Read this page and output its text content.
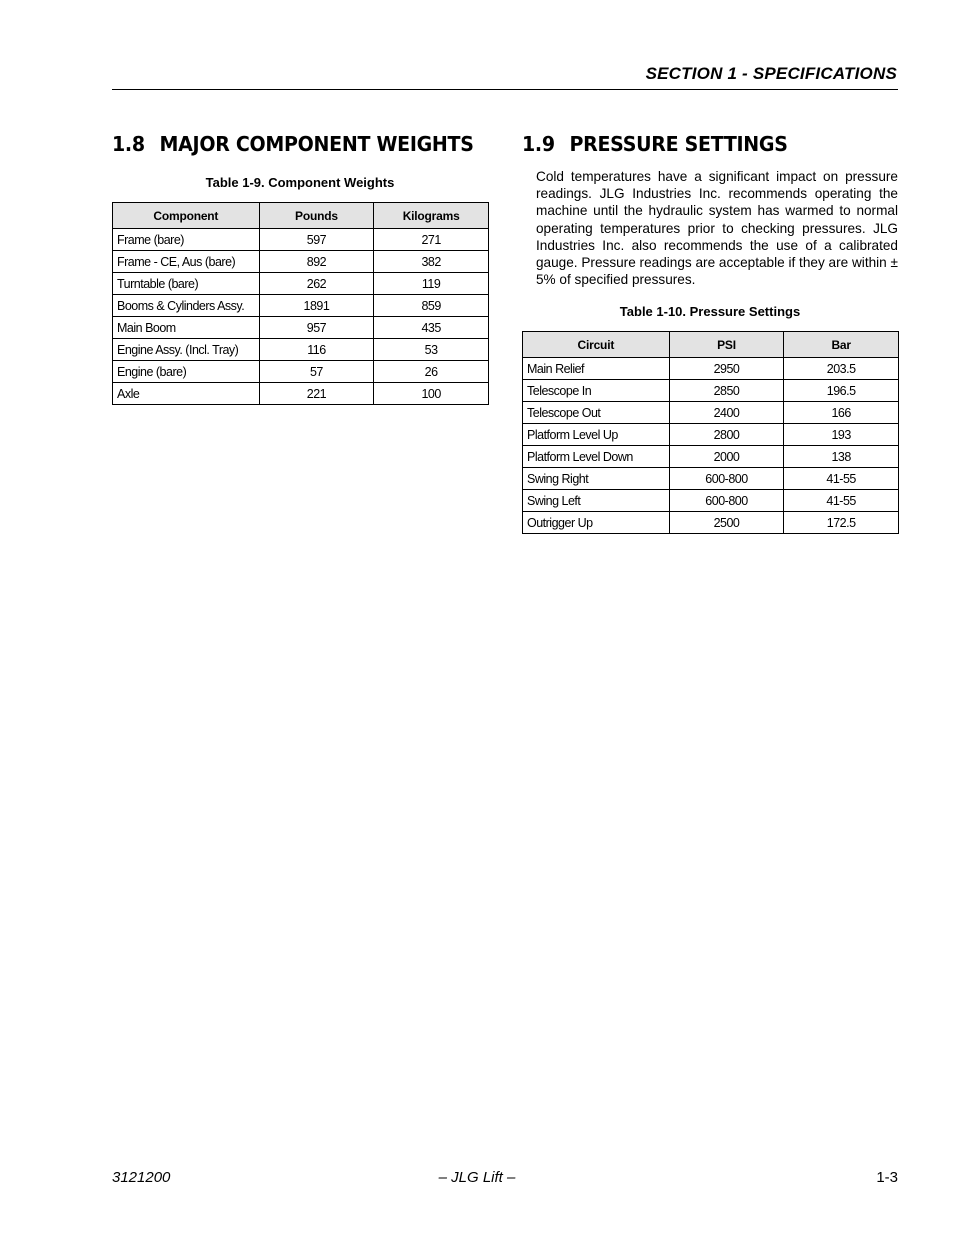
SECTION 1 - SPECIFICATIONS
1.8 MAJOR COMPONENT WEIGHTS
Table 1-9. Component Weights
Component	Pounds	Kilograms
Frame (bare)	597	271
Frame - CE, Aus (bare)	892	382
Turntable (bare)	262	119
Booms & Cylinders Assy.	1891	859
Main Boom	957	435
Engine Assy. (Incl. Tray)	116	53
Engine (bare)	57	26
Axle	221	100
1.9 PRESSURE SETTINGS
Cold temperatures have a significant impact on pressure readings. JLG Industries Inc. recommends operating the machine until the hydraulic system has warmed to normal operating temperatures prior to checking pressures. JLG Industries Inc. also recommends the use of a calibrated gauge. Pressure readings are acceptable if they are within ± 5% of specified pressures.
Table 1-10. Pressure Settings
Circuit	PSI	Bar
Main Relief	2950	203.5
Telescope In	2850	196.5
Telescope Out	2400	166
Platform Level Up	2800	193
Platform Level Down	2000	138
Swing Right	600-800	41-55
Swing Left	600-800	41-55
Outrigger Up	2500	172.5
3121200	– JLG Lift –	1-3
